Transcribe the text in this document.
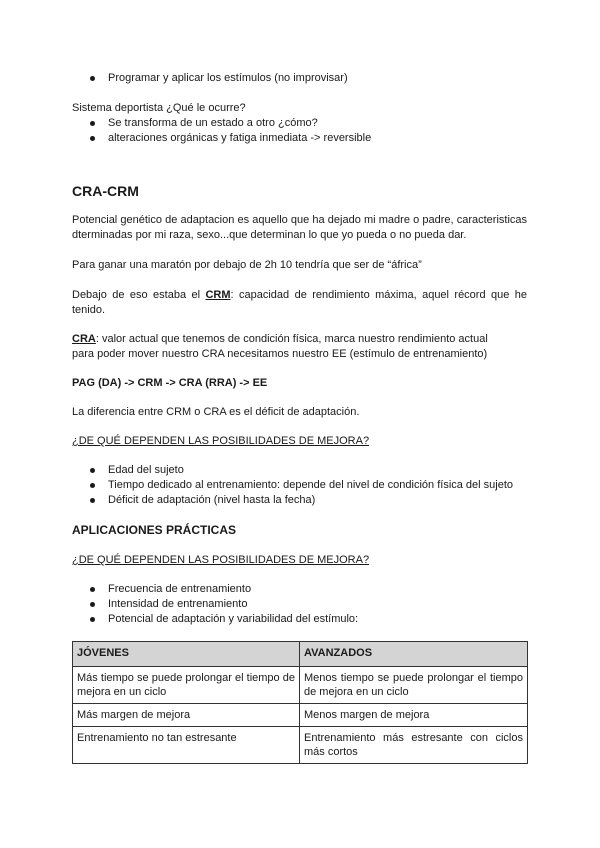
Programar y aplicar los estímulos (no improvisar)
Sistema deportista ¿Qué le ocurre?
Se transforma de un estado a otro ¿cómo?
alteraciones orgánicas y fatiga inmediata -> reversible
CRA-CRM
Potencial genético de adaptacion es aquello que ha dejado mi madre o padre, caracteristicas dterminadas por mi raza, sexo...que determinan lo que yo pueda o no pueda dar.
Para ganar una maratón por debajo de 2h 10 tendría que ser de “áfrica”
Debajo de eso estaba el CRM: capacidad de rendimiento máxima, aquel récord que he tenido.
CRA: valor actual que tenemos de condición física, marca nuestro rendimiento actual
para poder mover nuestro CRA necesitamos nuestro EE (estímulo de entrenamiento)
PAG (DA) -> CRM -> CRA (RRA) -> EE
La diferencia entre CRM o CRA es el déficit de adaptación.
¿DE QUÉ DEPENDEN LAS POSIBILIDADES DE MEJORA?
Edad del sujeto
Tiempo dedicado al entrenamiento: depende del nivel de condición física del sujeto
Déficit de adaptación (nivel hasta la fecha)
APLICACIONES PRÁCTICAS
¿DE QUÉ DEPENDEN LAS POSIBILIDADES DE MEJORA?
Frecuencia de entrenamiento
Intensidad de entrenamiento
Potencial de adaptación y variabilidad del estímulo:
JÓVENES	AVANZADOS
Más tiempo se puede prolongar el tiempo de mejora en un ciclo	Menos tiempo se puede prolongar el tiempo de mejora en un ciclo
Más margen de mejora	Menos margen de mejora
Entrenamiento no tan estresante	Entrenamiento más estresante con ciclos más cortos
